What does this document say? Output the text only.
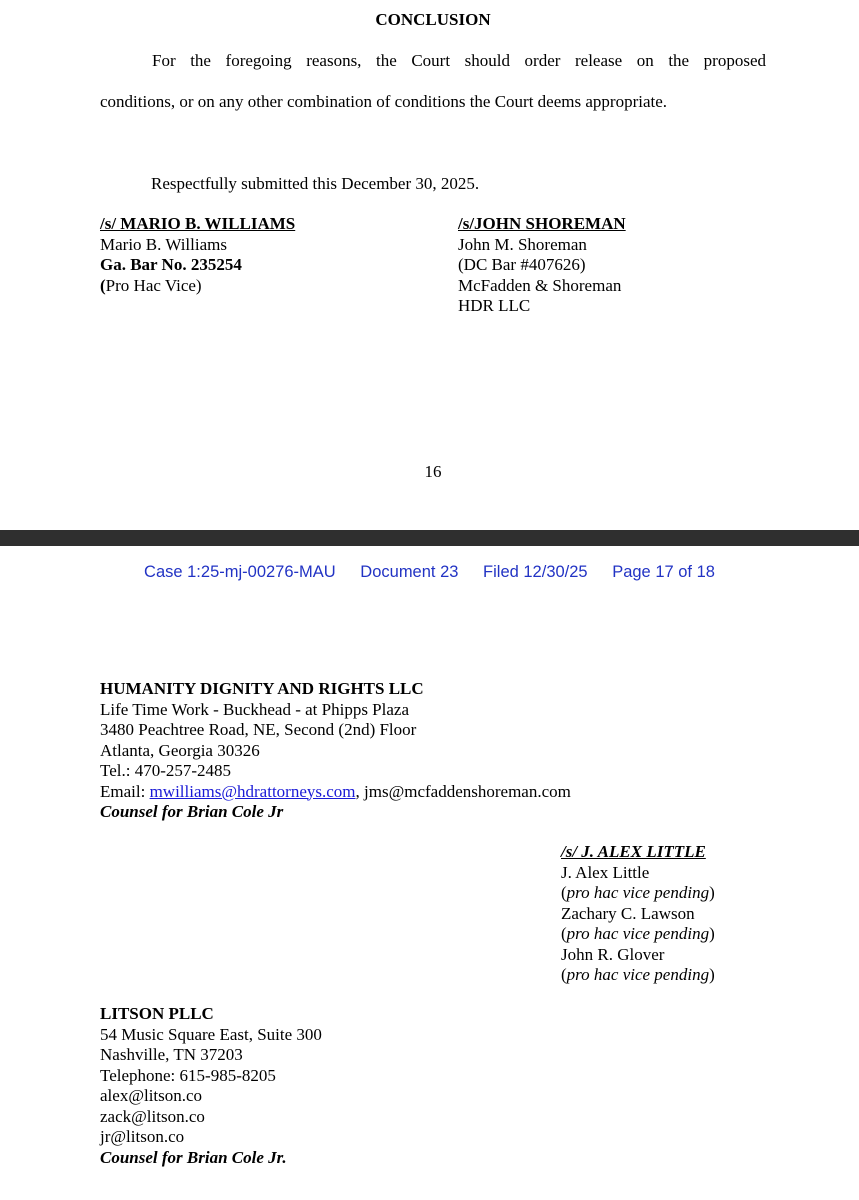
CONCLUSION
For the foregoing reasons, the Court should order release on the proposed
conditions, or on any other combination of conditions the Court deems appropriate.
Respectfully submitted this December 30, 2025.
/s/ MARIO B. WILLIAMS
Mario B. Williams
Ga. Bar No. 235254
(Pro Hac Vice)
/s/JOHN SHOREMAN
John M. Shoreman
(DC Bar #407626)
McFadden & Shoreman
HDR LLC
16
Case 1:25-mj-00276-MAU Document 23 Filed 12/30/25 Page 17 of 18
HUMANITY DIGNITY AND RIGHTS LLC
Life Time Work - Buckhead - at Phipps Plaza
3480 Peachtree Road, NE, Second (2nd) Floor
Atlanta, Georgia 30326
Tel.: 470-257-2485
Email: mwilliams@hdrattorneys.com, jms@mcfaddenshoreman.com
Counsel for Brian Cole Jr
/s/ J. ALEX LITTLE
J. Alex Little
(pro hac vice pending)
Zachary C. Lawson
(pro hac vice pending)
John R. Glover
(pro hac vice pending)
LITSON PLLC
54 Music Square East, Suite 300
Nashville, TN 37203
Telephone: 615-985-8205
alex@litson.co
zack@litson.co
jr@litson.co
Counsel for Brian Cole Jr.
